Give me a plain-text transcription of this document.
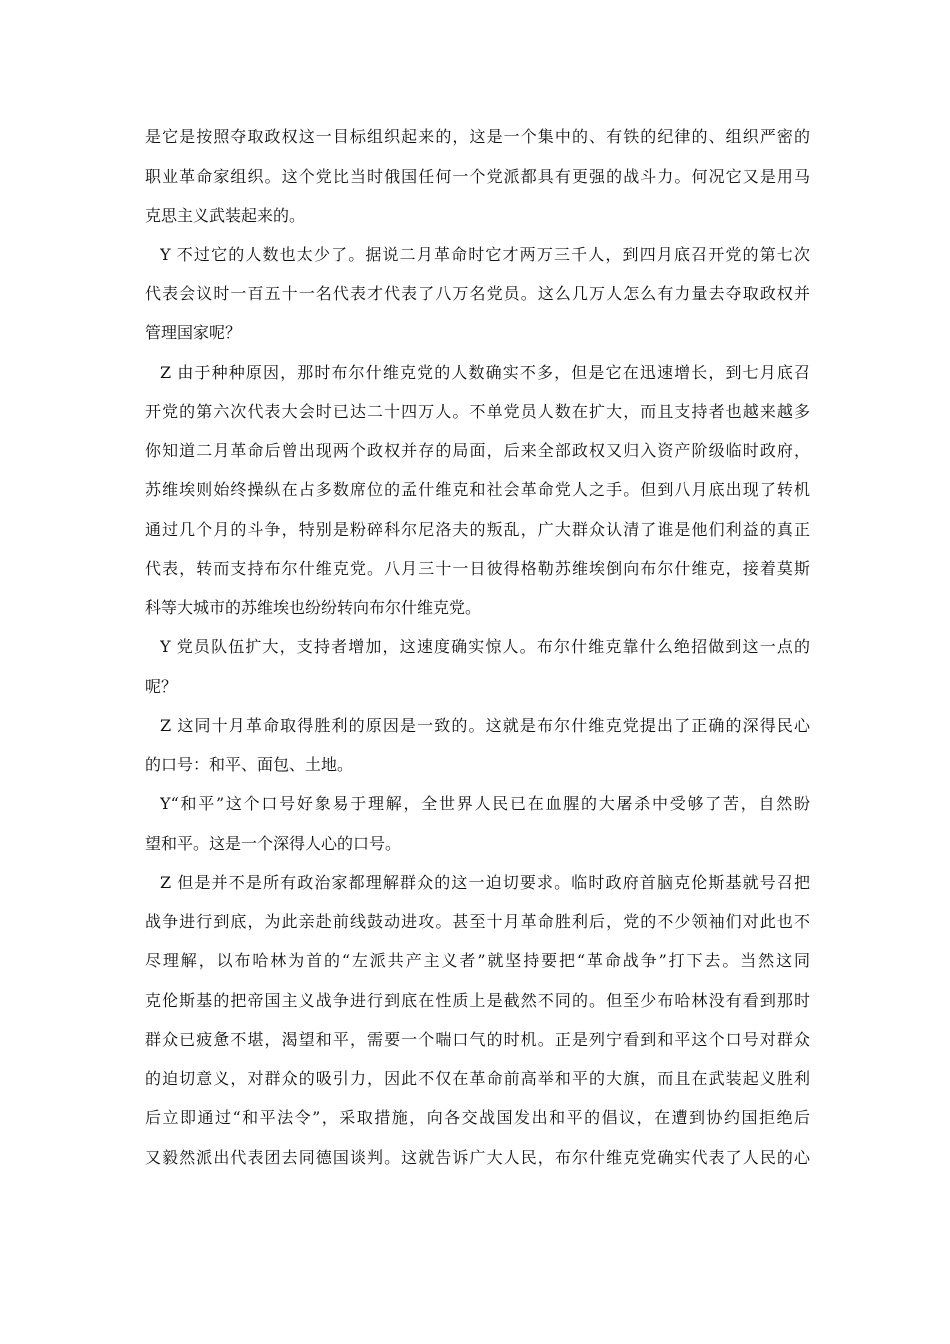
是它是按照夺取政权这一目标组织起来的，这是一个集中的、有铁的纪律的、组织严密的
职业革命家组织。这个党比当时俄国任何一个党派都具有更强的战斗力。何况它又是用马
克思主义武装起来的。
Y 不过它的人数也太少了。据说二月革命时它才两万三千人，到四月底召开党的第七次
代表会议时一百五十一名代表才代表了八万名党员。这么几万人怎么有力量去夺取政权并
管理国家呢？
Z 由于种种原因，那时布尔什维克党的人数确实不多，但是它在迅速增长，到七月底召
开党的第六次代表大会时已达二十四万人。不单党员人数在扩大，而且支持者也越来越多
你知道二月革命后曾出现两个政权并存的局面，后来全部政权又归入资产阶级临时政府，
苏维埃则始终操纵在占多数席位的孟什维克和社会革命党人之手。但到八月底出现了转机
通过几个月的斗争，特别是粉碎科尔尼洛夫的叛乱，广大群众认清了谁是他们利益的真正
代表，转而支持布尔什维克党。八月三十一日彼得格勒苏维埃倒向布尔什维克，接着莫斯
科等大城市的苏维埃也纷纷转向布尔什维克党。
Y 党员队伍扩大，支持者增加，这速度确实惊人。布尔什维克靠什么绝招做到这一点的
呢？
Z 这同十月革命取得胜利的原因是一致的。这就是布尔什维克党提出了正确的深得民心
的口号：和平、面包、土地。
Y“和平”这个口号好象易于理解，全世界人民已在血腥的大屠杀中受够了苦，自然盼
望和平。这是一个深得人心的口号。
Z 但是并不是所有政治家都理解群众的这一迫切要求。临时政府首脑克伦斯基就号召把
战争进行到底，为此亲赴前线鼓动进攻。甚至十月革命胜利后，党的不少领袖们对此也不
尽理解，以布哈林为首的“左派共产主义者”就坚持要把“革命战争”打下去。当然这同
克伦斯基的把帝国主义战争进行到底在性质上是截然不同的。但至少布哈林没有看到那时
群众已疲惫不堪，渴望和平，需要一个喘口气的时机。正是列宁看到和平这个口号对群众
的迫切意义，对群众的吸引力，因此不仅在革命前高举和平的大旗，而且在武装起义胜利
后立即通过“和平法令”，采取措施，向各交战国发出和平的倡议，在遭到协约国拒绝后
又毅然派出代表团去同德国谈判。这就告诉广大人民，布尔什维克党确实代表了人民的心
